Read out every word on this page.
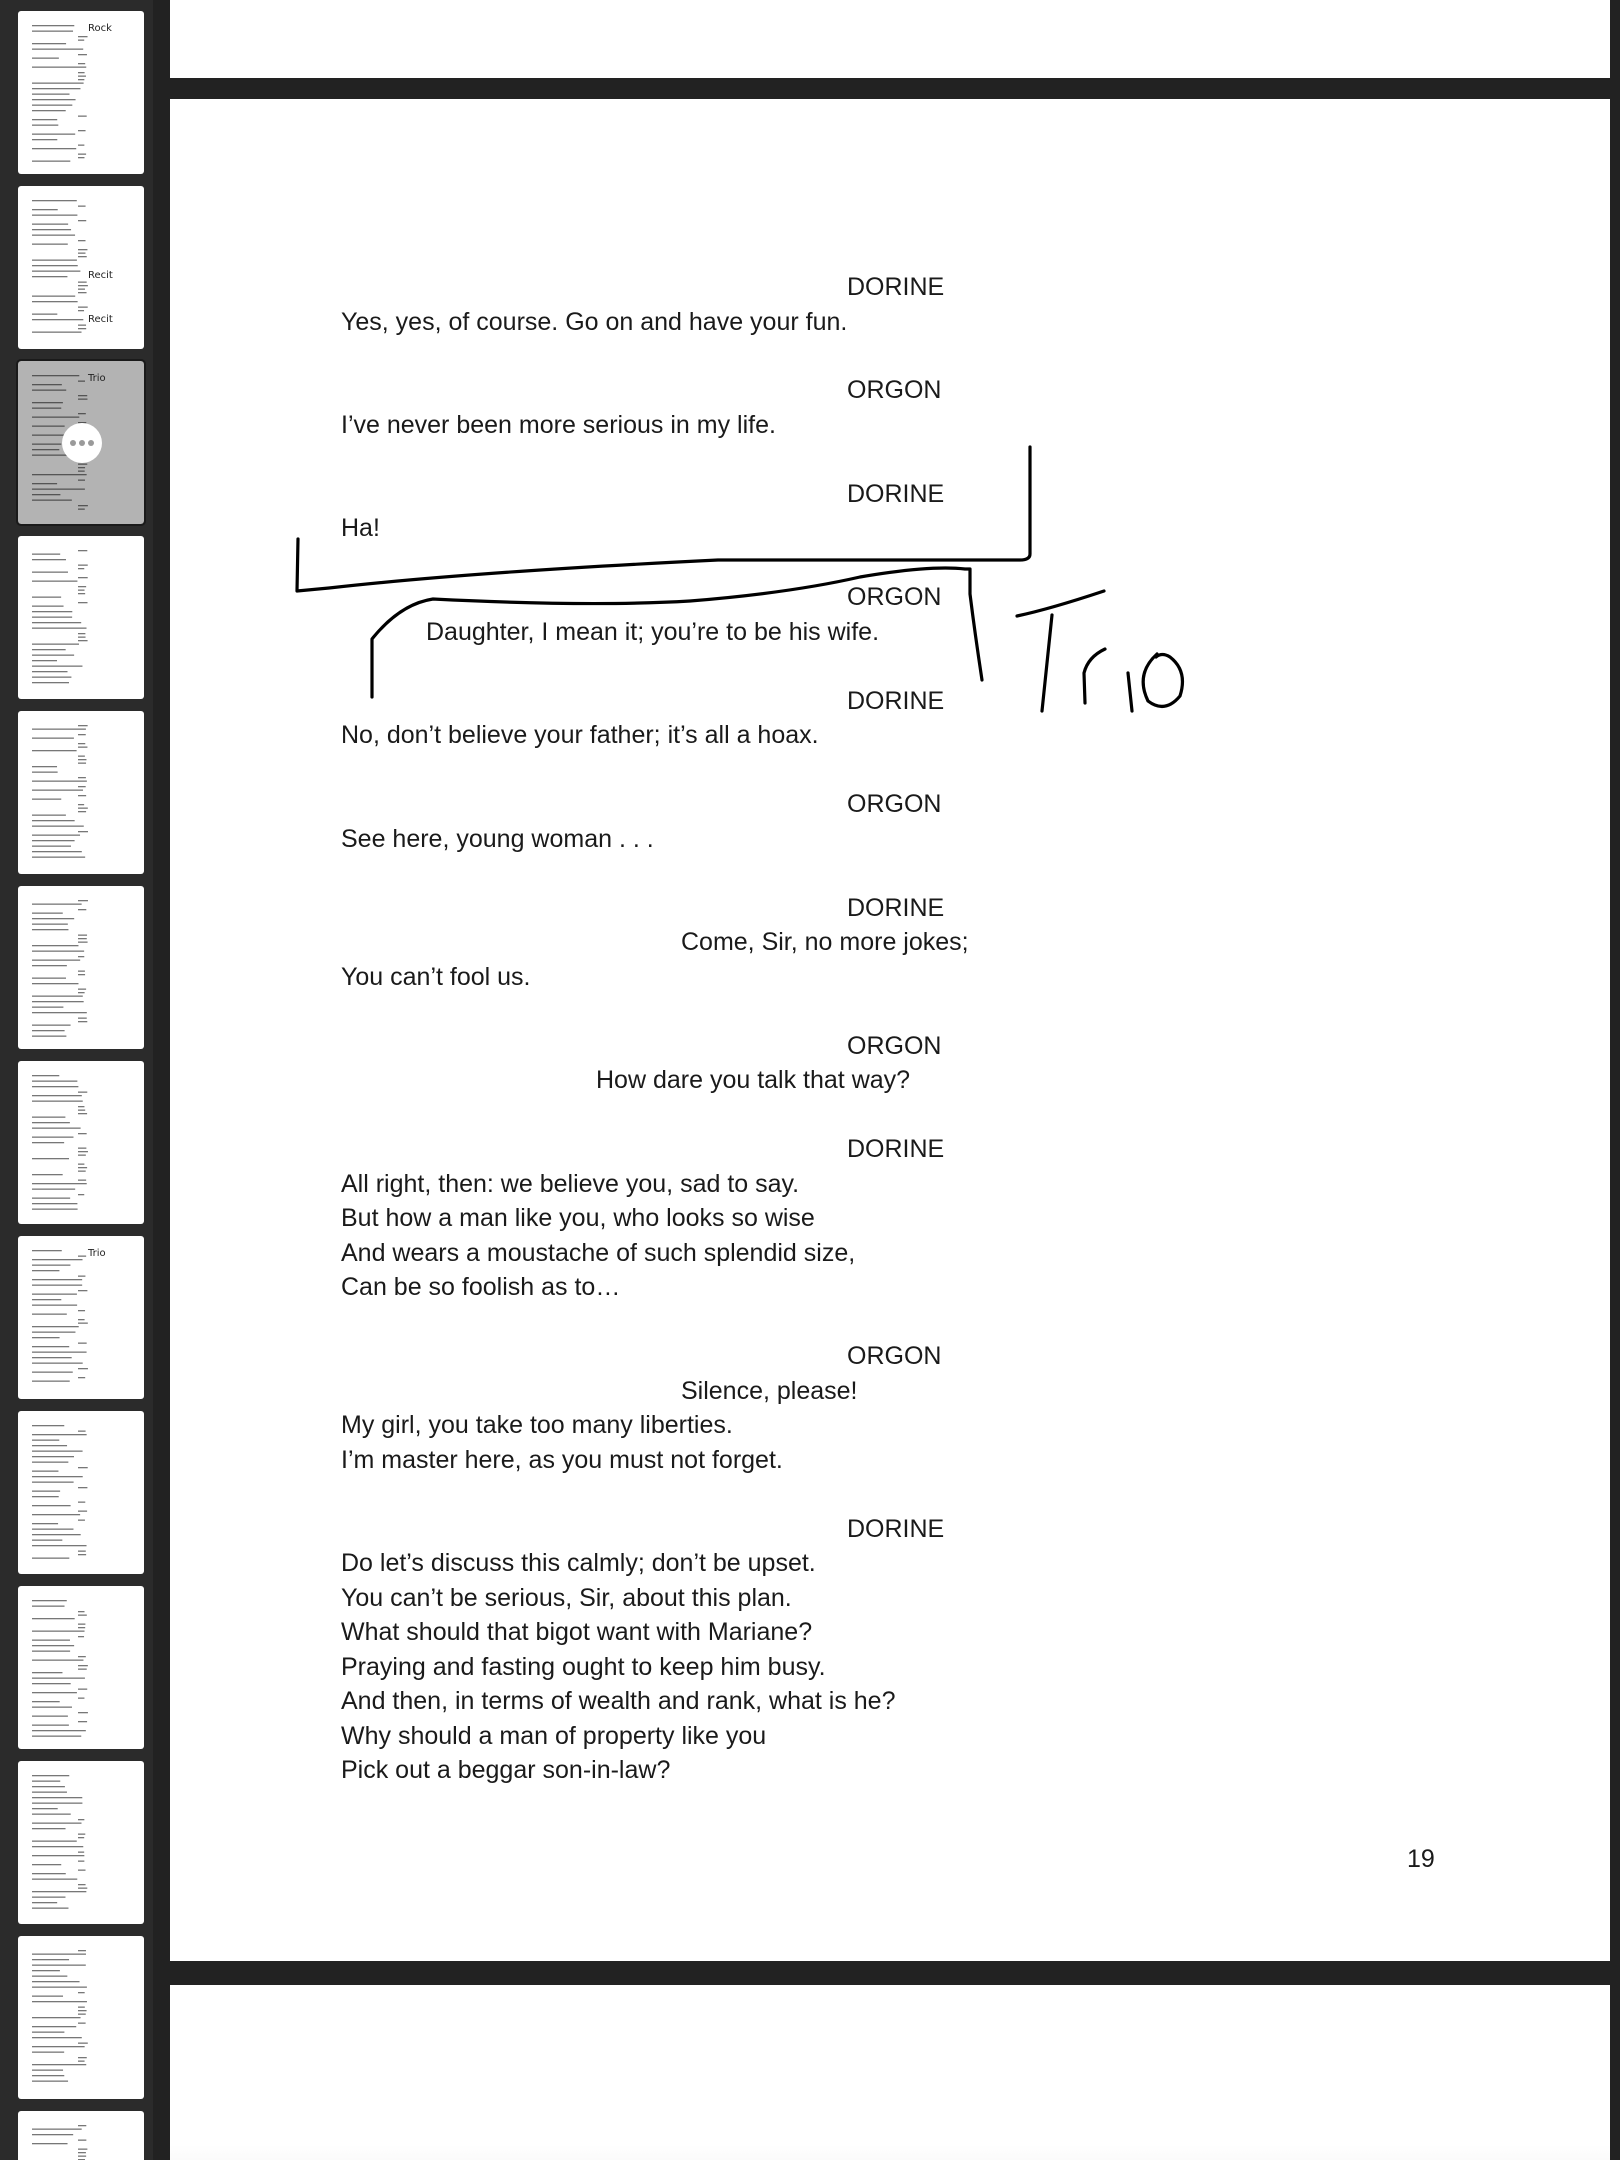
Rock
Recit
Recit
Trio
Trio
DORINE
Yes, yes, of course. Go on and have your fun.
ORGON
I’ve never been more serious in my life.
DORINE
Ha!
ORGON
Daughter, I mean it; you’re to be his wife.
DORINE
No, don’t believe your father; it’s all a hoax.
ORGON
See here, young woman . . .
DORINE
Come, Sir, no more jokes;
You can’t fool us.
ORGON
How dare you talk that way?
DORINE
All right, then: we believe you, sad to say.
But how a man like you, who looks so wise
And wears a moustache of such splendid size,
Can be so foolish as to…
ORGON
Silence, please!
My girl, you take too many liberties.
I’m master here, as you must not forget.
DORINE
Do let’s discuss this calmly; don’t be upset.
You can’t be serious, Sir, about this plan.
What should that bigot want with Mariane?
Praying and fasting ought to keep him busy.
And then, in terms of wealth and rank, what is he?
Why should a man of property like you
Pick out a beggar son-in-law?
19
Trio
